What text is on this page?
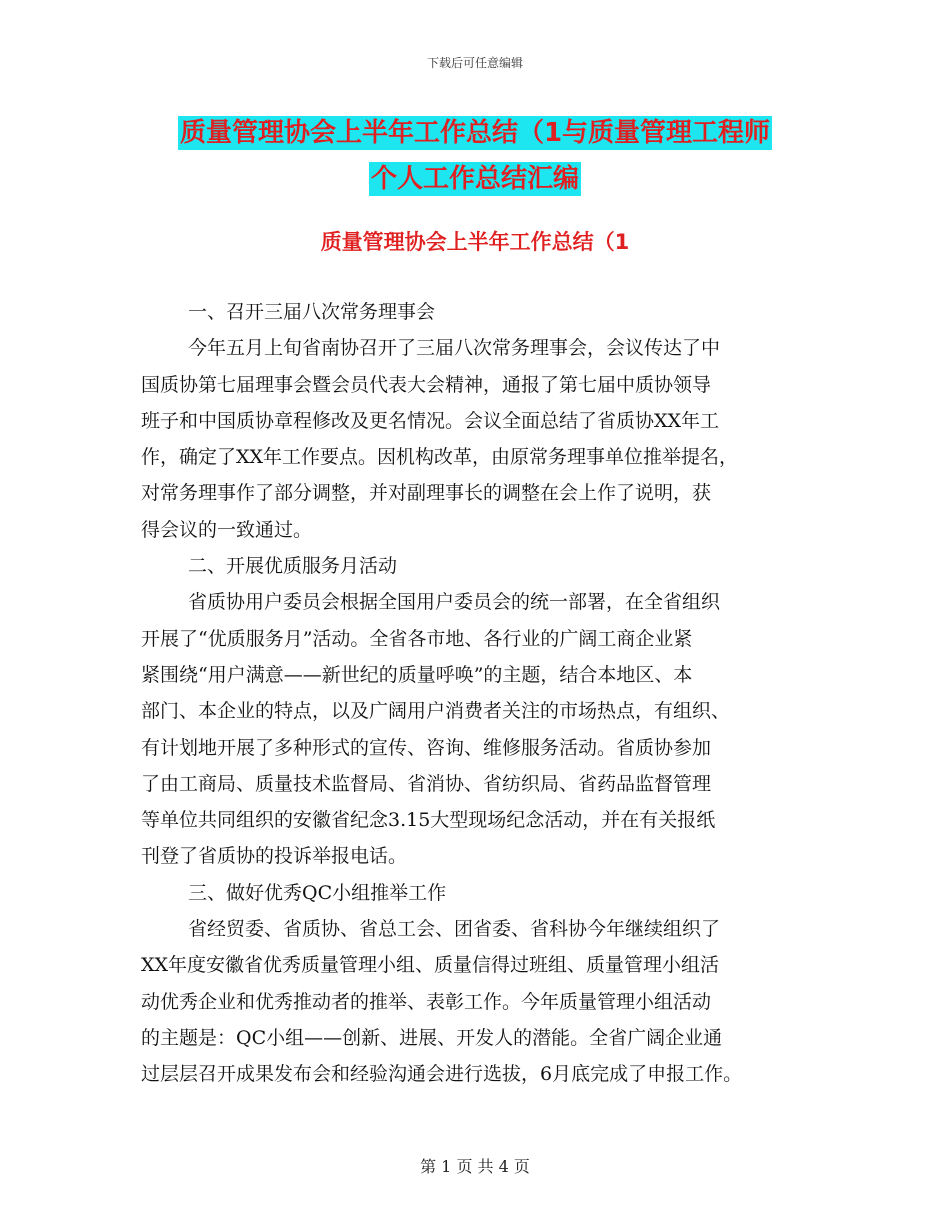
下载后可任意编辑
质量管理协会上半年工作总结（1与质量管理工程师
个人工作总结汇编
质量管理协会上半年工作总结（1
一、召开三届八次常务理事会
今年五月上旬省南协召开了三届八次常务理事会，会议传达了中
国质协第七届理事会暨会员代表大会精神，通报了第七届中质协领导
班子和中国质协章程修改及更名情况。会议全面总结了省质协XX年工
作，确定了XX年工作要点。因机构改革，由原常务理事单位推举提名，
对常务理事作了部分调整，并对副理事长的调整在会上作了说明，获
得会议的一致通过。
二、开展优质服务月活动
省质协用户委员会根据全国用户委员会的统一部署，在全省组织
开展了“优质服务月”活动。全省各市地、各行业的广阔工商企业紧
紧围绕“用户满意——新世纪的质量呼唤”的主题，结合本地区、本
部门、本企业的特点，以及广阔用户消费者关注的市场热点，有组织、
有计划地开展了多种形式的宣传、咨询、维修服务活动。省质协参加
了由工商局、质量技术监督局、省消协、省纺织局、省药品监督管理
等单位共同组织的安徽省纪念3.15大型现场纪念活动，并在有关报纸
刊登了省质协的投诉举报电话。
三、做好优秀QC小组推举工作
省经贸委、省质协、省总工会、团省委、省科协今年继续组织了
XX年度安徽省优秀质量管理小组、质量信得过班组、质量管理小组活
动优秀企业和优秀推动者的推举、表彰工作。今年质量管理小组活动
的主题是：QC小组——创新、进展、开发人的潜能。全省广阔企业通
过层层召开成果发布会和经验沟通会进行选拔，6月底完成了申报工作。
第 1 页 共 4 页
